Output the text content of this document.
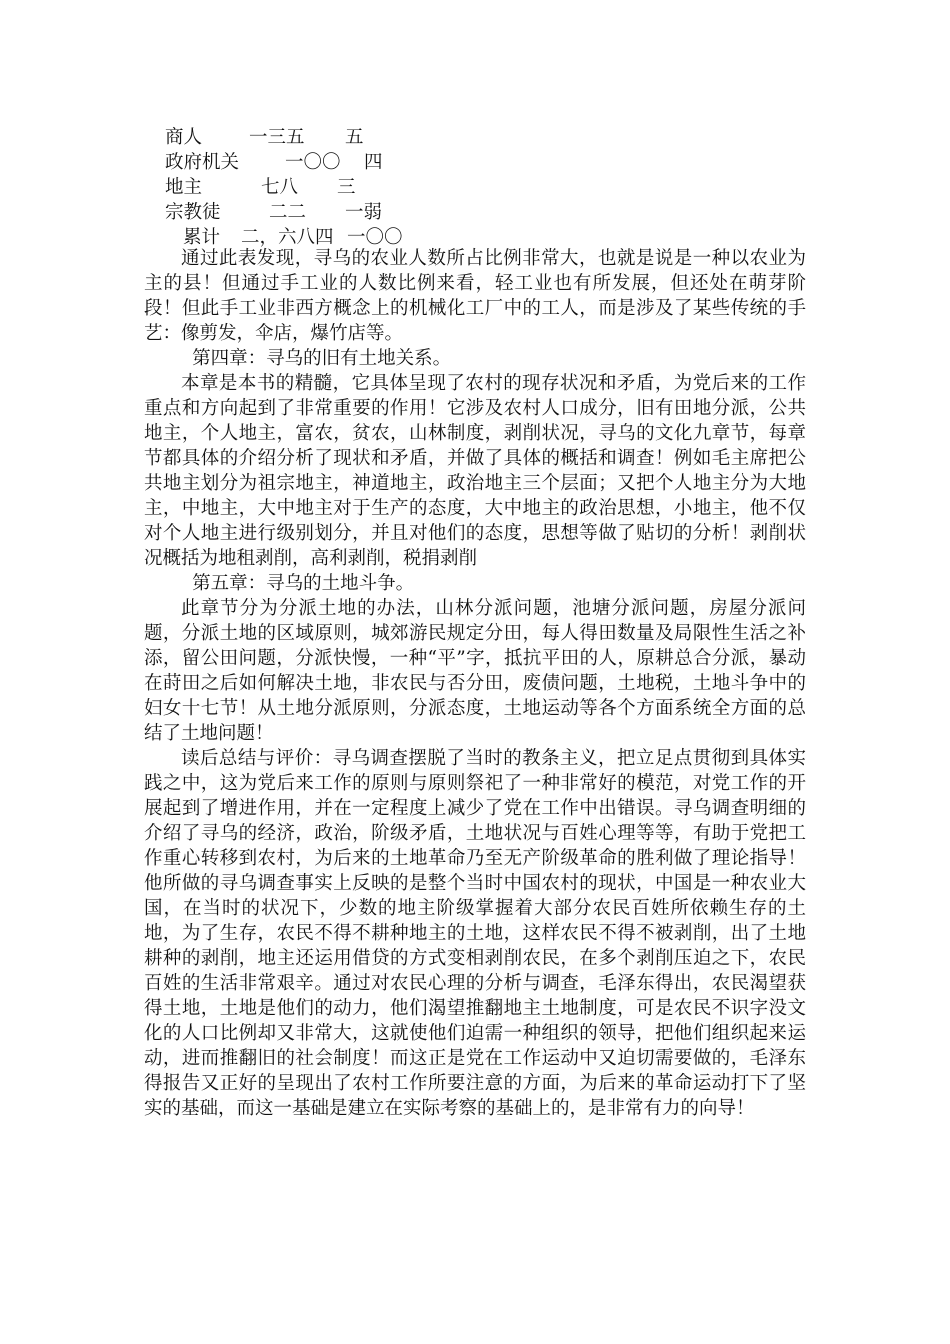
商人	一三五 五
政府机关 一〇〇 四
地主	七八 三
宗教徒	二二 一弱
累计 二，六八四 一〇〇

通过此表发现，寻乌的农业人数所占比例非常大，也就是说是一种以农业为主的县！但通过手工业的人数比例来看，轻工业也有所发展，但还处在萌芽阶段！但此手工业非西方概念上的机械化工厂中的工人，而是涉及了某些传统的手艺：像剪发，伞店，爆竹店等。

第四章：寻乌的旧有土地关系。

本章是本书的精髓，它具体呈现了农村的现存状况和矛盾，为党后来的工作重点和方向起到了非常重要的作用！它涉及农村人口成分，旧有田地分派，公共地主，个人地主，富农，贫农，山林制度，剥削状况，寻乌的文化九章节，每章节都具体的介绍分析了现状和矛盾，并做了具体的概括和调查！例如毛主席把公共地主划分为祖宗地主，神道地主，政治地主三个层面；又把个人地主分为大地主，中地主，大中地主对于生产的态度，大中地主的政治思想，小地主，他不仅对个人地主进行级别划分，并且对他们的态度，思想等做了贴切的分析！剥削状况概括为地租剥削，高利剥削，税捐剥削

第五章：寻乌的土地斗争。

此章节分为分派土地的办法，山林分派问题，池塘分派问题，房屋分派问题，分派土地的区域原则，城郊游民规定分田，每人得田数量及局限性生活之补添，留公田问题，分派快慢，一种“平”字，抵抗平田的人，原耕总合分派，暴动在莳田之后如何解决土地，非农民与否分田，废债问题，土地税，土地斗争中的妇女十七节！从土地分派原则，分派态度，土地运动等各个方面系统全方面的总结了土地问题！

读后总结与评价：寻乌调查摆脱了当时的教条主义，把立足点贯彻到具体实践之中，这为党后来工作的原则与原则祭祀了一种非常好的模范，对党工作的开展起到了增进作用，并在一定程度上减少了党在工作中出错误。寻乌调查明细的介绍了寻乌的经济，政治，阶级矛盾，土地状况与百姓心理等等，有助于党把工作重心转移到农村，为后来的土地革命乃至无产阶级革命的胜利做了理论指导！他所做的寻乌调查事实上反映的是整个当时中国农村的现状，中国是一种农业大国，在当时的状况下，少数的地主阶级掌握着大部分农民百姓所依赖生存的土地，为了生存，农民不得不耕种地主的土地，这样农民不得不被剥削，出了土地耕种的剥削，地主还运用借贷的方式变相剥削农民，在多个剥削压迫之下，农民百姓的生活非常艰辛。通过对农民心理的分析与调查，毛泽东得出，农民渴望获得土地，土地是他们的动力，他们渴望推翻地主土地制度，可是农民不识字没文化的人口比例却又非常大，这就使他们迫需一种组织的领导，把他们组织起来运动，进而推翻旧的社会制度！而这正是党在工作运动中又迫切需要做的，毛泽东得报告又正好的呈现出了农村工作所要注意的方面，为后来的革命运动打下了坚实的基础，而这一基础是建立在实际考察的基础上的，是非常有力的向导！
